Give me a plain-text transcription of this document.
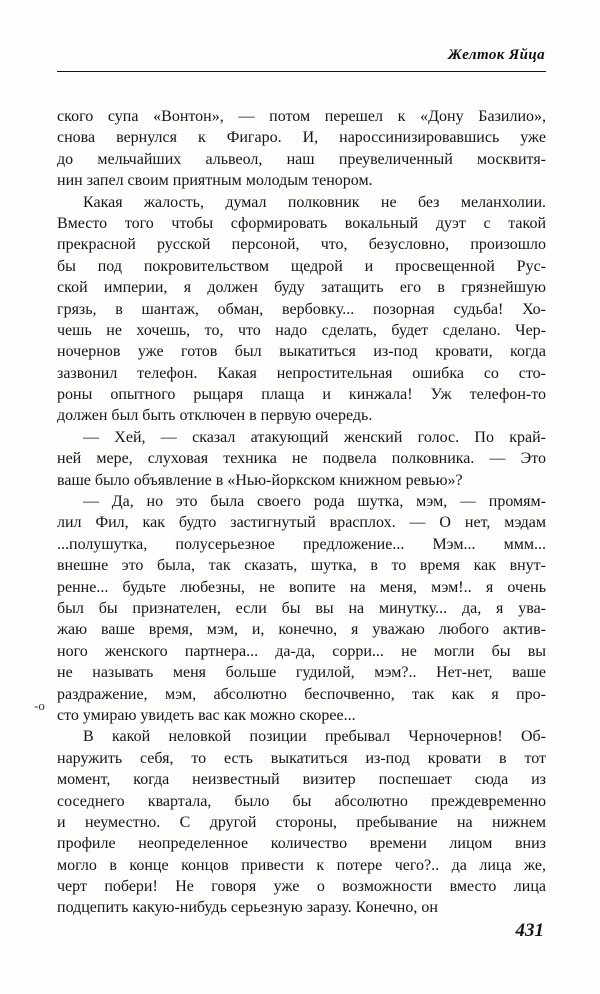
Желток Яйца
ского супа «Вонтон», — потом перешел к «Дону Базилио»,
снова вернулся к Фигаро. И, нароссинизировавшись уже
до мельчайших альвеол, наш преувеличенный москвитя-
нин запел своим приятным молодым тенором.
Какая жалость, думал полковник не без меланхолии.
Вместо того чтобы сформировать вокальный дуэт с такой
прекрасной русской персоной, что, безусловно, произошло
бы под покровительством щедрой и просвещенной Рус-
ской империи, я должен буду затащить его в грязнейшую
грязь, в шантаж, обман, вербовку... позорная судьба! Хо-
чешь не хочешь, то, что надо сделать, будет сделано. Чер-
ночернов уже готов был выкатиться из-под кровати, когда
зазвонил телефон. Какая непростительная ошибка со сто-
роны опытного рыцаря плаща и кинжала! Уж телефон-то
должен был быть отключен в первую очередь.
— Хей, — сказал атакующий женский голос. По край-
ней мере, слуховая техника не подвела полковника. — Это
ваше было объявление в «Нью-йоркском книжном ревью»?
— Да, но это была своего рода шутка, мэм, — промям-
лил Фил, как будто застигнутый врасплох. — О нет, мэдам
...полушутка, полусерьезное предложение... Мэм... ммм...
внешне это была, так сказать, шутка, в то время как внут-
ренне... будьте любезны, не вопите на меня, мэм!.. я очень
был бы признателен, если бы вы на минутку... да, я ува-
жаю ваше время, мэм, и, конечно, я уважаю любого актив-
ного женского партнера... да-да, сорри... не могли бы вы
не называть меня больше гудилой, мэм?.. Нет-нет, ваше
раздражение, мэм, абсолютно беспочвенно, так как я про-
сто умираю увидеть вас как можно скорее...
В какой неловкой позиции пребывал Черночернов! Об-
наружить себя, то есть выкатиться из-под кровати в тот
момент, когда неизвестный визитер поспешает сюда из
соседнего квартала, было бы абсолютно преждевременно
и неуместно. С другой стороны, пребывание на нижнем
профиле неопределенное количество времени лицом вниз
могло в конце концов привести к потере чего?.. да лица же,
черт побери! Не говоря уже о возможности вместо лица
подцепить какую-нибудь серьезную заразу. Конечно, он
-о
431
